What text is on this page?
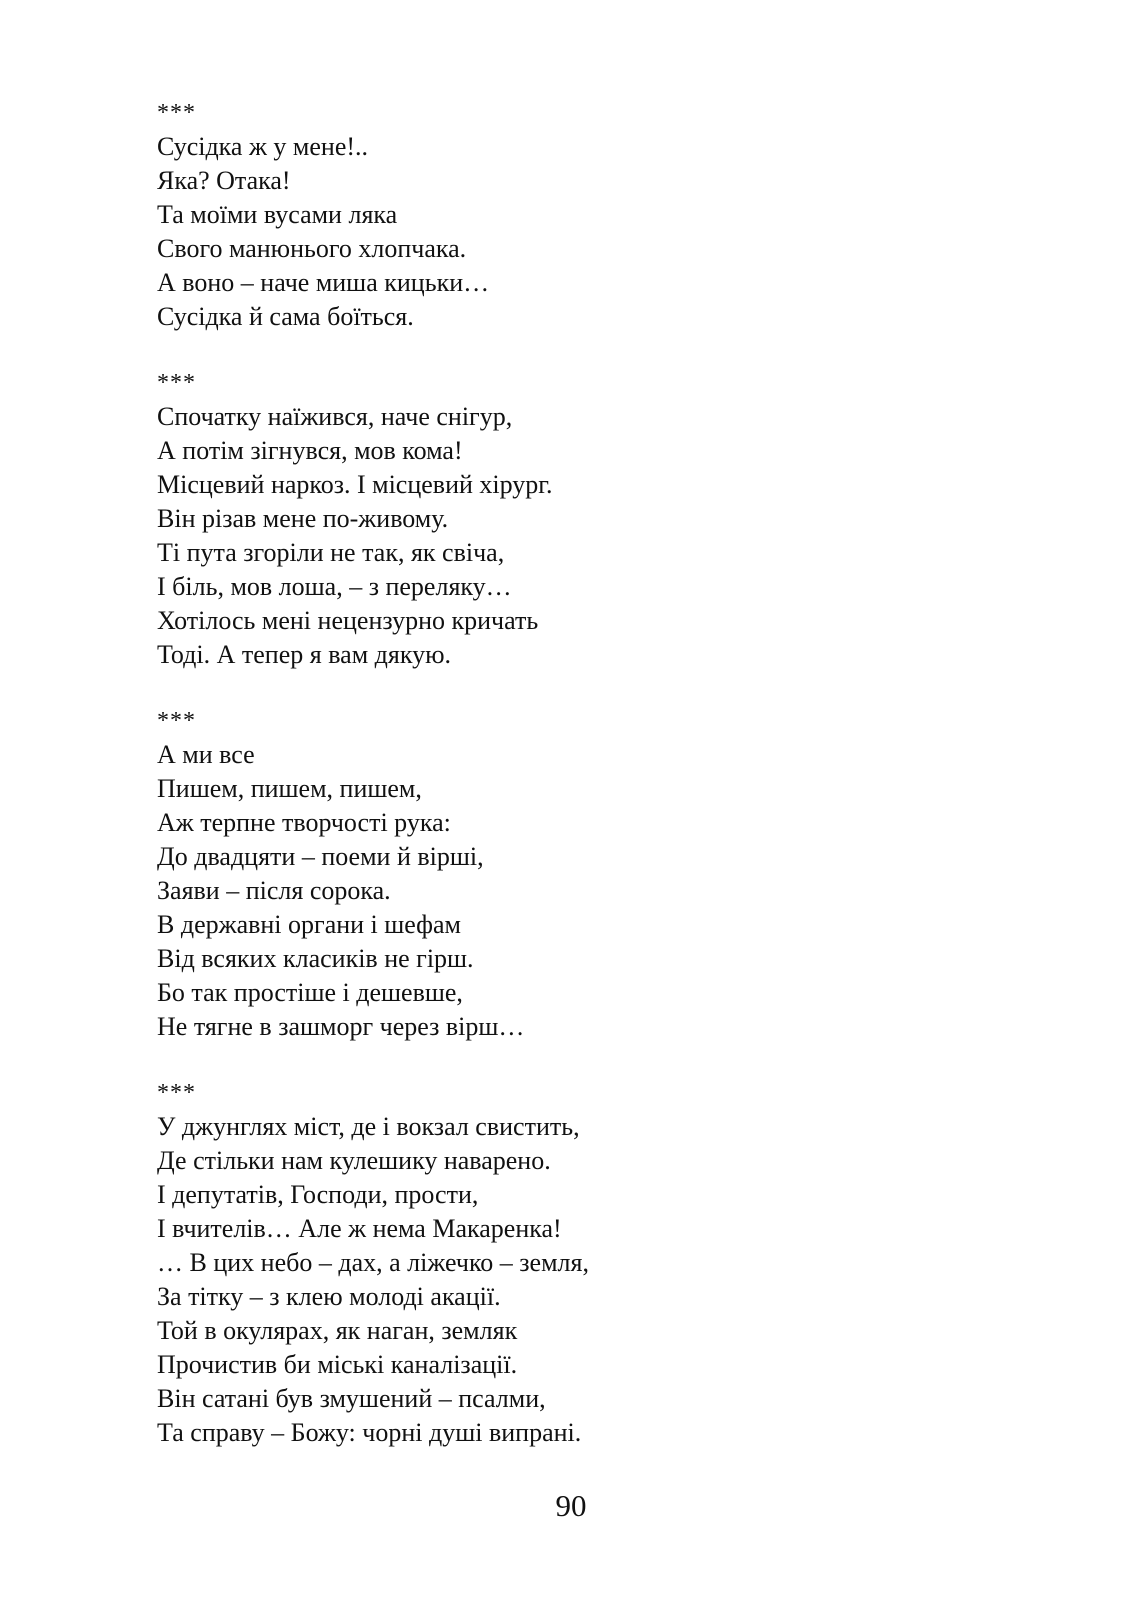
***
Сусідка ж у мене!..
Яка? Отака!
Та моїми вусами ляка
Свого манюнього хлопчака.
А воно – наче миша кицьки…
Сусідка й сама боїться.
***
Спочатку наїжився, наче снігур,
А потім зігнувся, мов кома!
Місцевий наркоз. І місцевий хірург.
Він різав мене по-живому.
Ті пута згоріли не так, як свіча,
І біль, мов лоша, – з переляку…
Хотілось мені нецензурно кричать
Тоді. А тепер я вам дякую.
***
А ми все
Пишем, пишем, пишем,
Аж терпне творчості рука:
До двадцяти – поеми й вірші,
Заяви – після сорока.
В державні органи і шефам
Від всяких класиків не гірш.
Бо так простіше і дешевше,
Не тягне в зашморг через вірш…
***
У джунглях міст, де і вокзал свистить,
Де стільки нам кулешику наварено.
І депутатів, Господи, прости,
І вчителів… Але ж нема Макаренка!
… В цих небо – дах, а ліжечко – земля,
За тітку – з клею молоді акації.
Той в окулярах, як наган, земляк
Прочистив би міські каналізації.
Він сатані був змушений – псалми,
Та справу – Божу: чорні душі випрані.
90
